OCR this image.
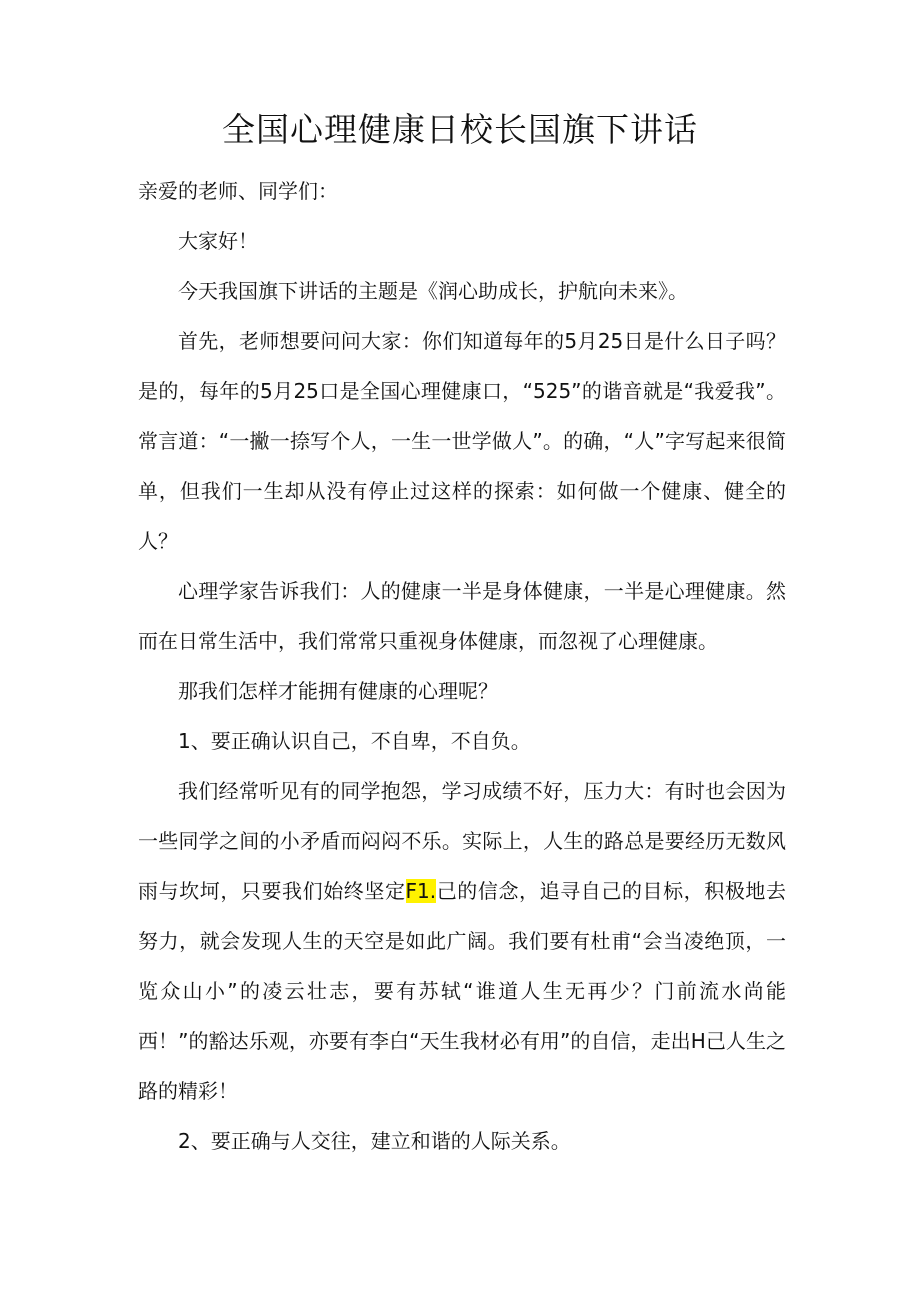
全国心理健康日校长国旗下讲话

亲爱的老师、同学们：

大家好！

今天我国旗下讲话的主题是《润心助成长，护航向未来》。

首先，老师想要问问大家：你们知道每年的5月25日是什么日子吗？是的，每年的5月25口是全国心理健康口，“525”的谐音就是“我爱我”。常言道：“一撇一捺写个人，一生一世学做人”。的确，“人”字写起来很简单，但我们一生却从没有停止过这样的探索：如何做一个健康、健全的人？

心理学家告诉我们：人的健康一半是身体健康，一半是心理健康。然而在日常生活中，我们常常只重视身体健康，而忽视了心理健康。

那我们怎样才能拥有健康的心理呢？

1、要正确认识自己，不自卑，不自负。

我们经常听见有的同学抱怨，学习成绩不好，压力大：有时也会因为一些同学之间的小矛盾而闷闷不乐。实际上，人生的路总是要经历无数风雨与坎坷，只要我们始终坚定F1.己的信念，追寻自己的目标，积极地去努力，就会发现人生的天空是如此广阔。我们要有杜甫“会当凌绝顶，一览众山小”的凌云壮志，要有苏轼“谁道人生无再少？门前流水尚能西！”的豁达乐观，亦要有李白“天生我材必有用”的自信，走出H己人生之路的精彩！

2、要正确与人交往，建立和谐的人际关系。
